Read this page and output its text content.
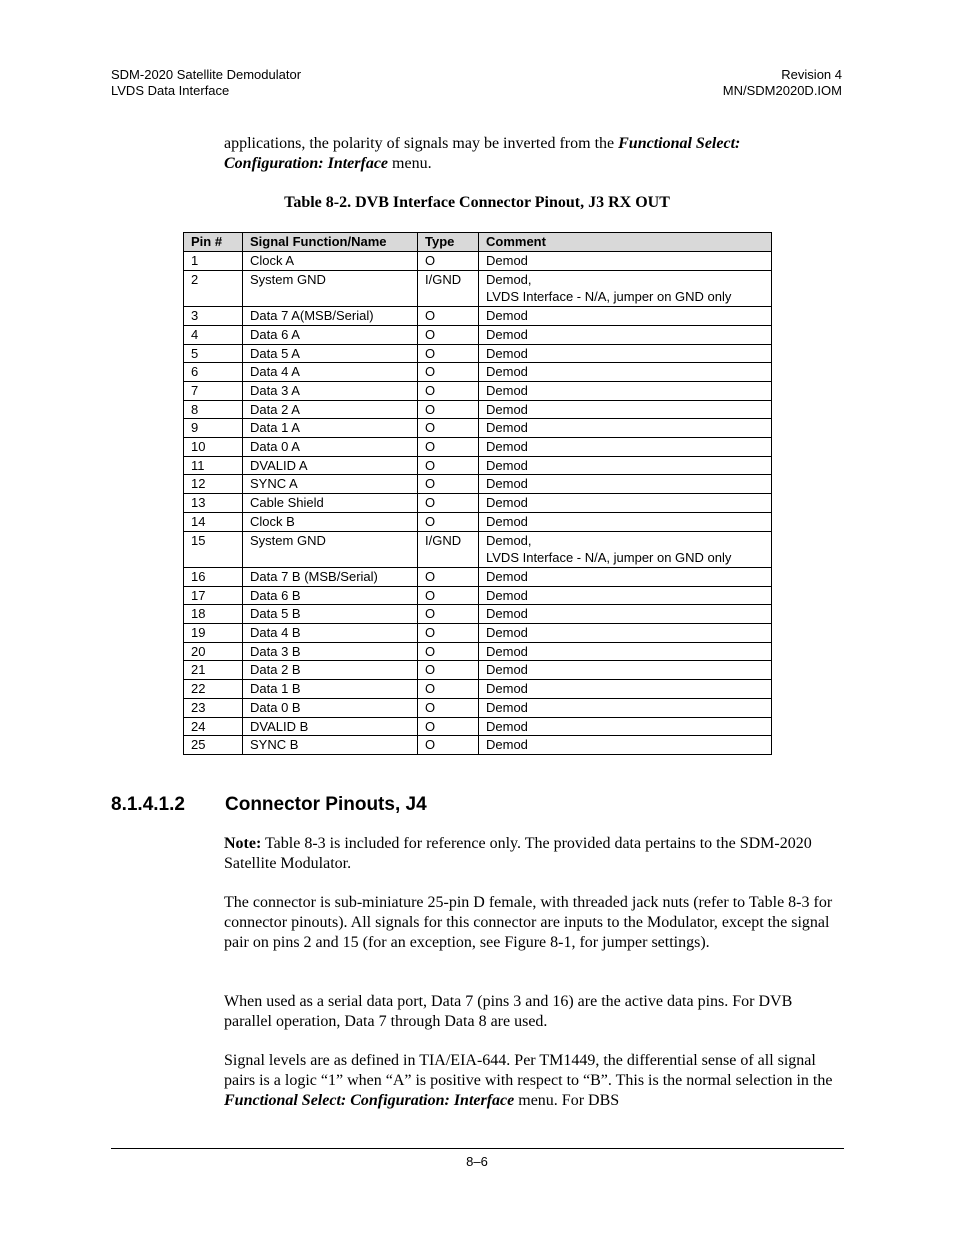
SDM-2020 Satellite Demodulator
LVDS Data Interface
Revision 4
MN/SDM2020D.IOM
applications, the polarity of signals may be inverted from the Functional Select: Configuration: Interface menu.
Table 8-2. DVB Interface Connector Pinout, J3 RX OUT
Pin #	Signal Function/Name	Type	Comment
1	Clock A	O	Demod

2	System GND	I/GND	Demod,
LVDS Interface - N/A, jumper on GND only

3	Data 7 A(MSB/Serial)	O	Demod

4	Data 6 A	O	Demod

5	Data 5 A	O	Demod

6	Data 4 A	O	Demod

7	Data 3 A	O	Demod

8	Data 2 A	O	Demod

9	Data 1 A	O	Demod

10	Data 0 A	O	Demod

11	DVALID A	O	Demod

12	SYNC A	O	Demod

13	Cable Shield	O	Demod

14	Clock B	O	Demod

15	System GND	I/GND	Demod,
LVDS Interface - N/A, jumper on GND only

16	Data 7 B (MSB/Serial)	O	Demod

17	Data 6 B	O	Demod

18	Data 5 B	O	Demod

19	Data 4 B	O	Demod

20	Data 3 B	O	Demod

21	Data 2 B	O	Demod

22	Data 1 B	O	Demod

23	Data 0 B	O	Demod

24	DVALID B	O	Demod

25	SYNC B	O	Demod
8.1.4.1.2 Connector Pinouts, J4
Note: Table 8-3 is included for reference only. The provided data pertains to the SDM-2020 Satellite Modulator.
The connector is sub-miniature 25-pin D female, with threaded jack nuts (refer to Table 8-3 for connector pinouts). All signals for this connector are inputs to the Modulator, except the signal pair on pins 2 and 15 (for an exception, see Figure 8-1, for jumper settings).
When used as a serial data port, Data 7 (pins 3 and 16) are the active data pins. For DVB parallel operation, Data 7 through Data 8 are used.
Signal levels are as defined in TIA/EIA-644. Per TM1449, the differential sense of all signal pairs is a logic “1” when “A” is positive with respect to “B”. This is the normal selection in the Functional Select: Configuration: Interface menu. For DBS
8–6
